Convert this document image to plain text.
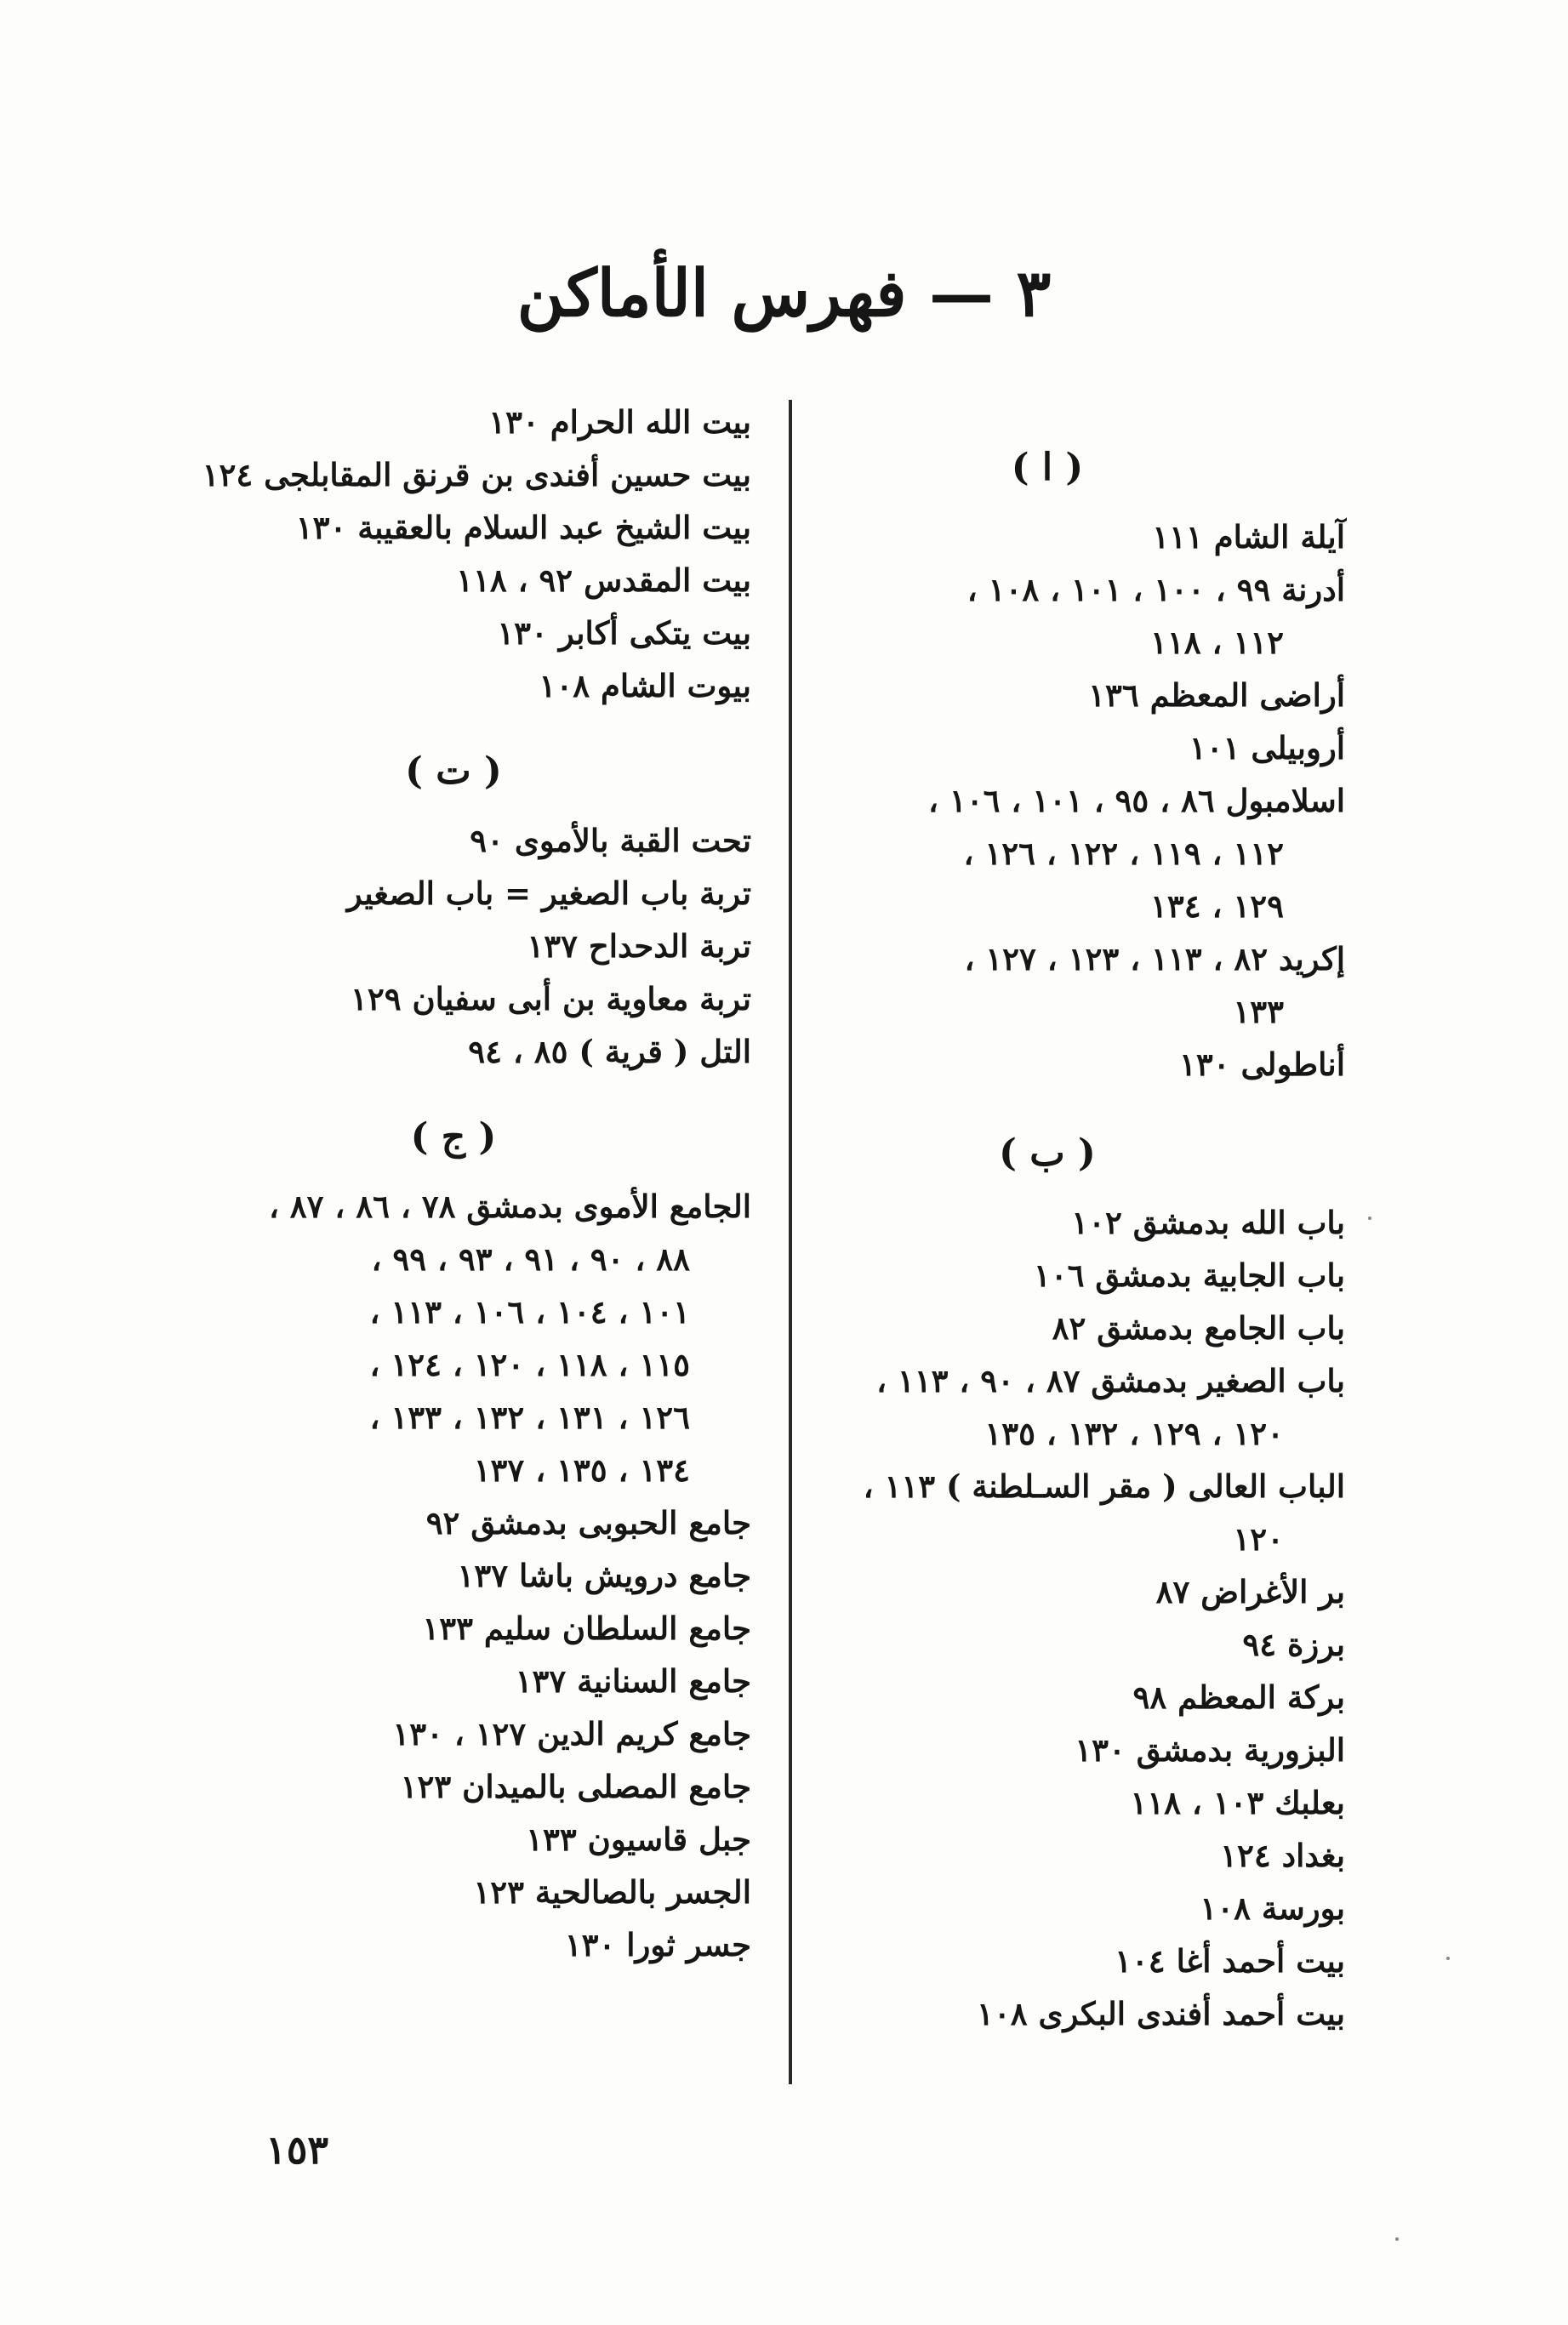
٣ — فهرس الأماكن
( ا )
آيلة الشام ١١١
أدرنة ٩٩ ، ١٠٠ ، ١٠١ ، ١٠٨ ،
١١٢ ، ١١٨
أراضى المعظم ١٣٦
أروبيلى ١٠١
اسلامبول ٨٦ ، ٩٥ ، ١٠١ ، ١٠٦ ،
١١٢ ، ١١٩ ، ١٢٢ ، ١٢٦ ،
١٢٩ ، ١٣٤
إكريد ٨٢ ، ١١٣ ، ١٢٣ ، ١٢٧ ،
١٣٣
أناطولى ١٣٠
( ب )
باب الله بدمشق ١٠٢
باب الجابية بدمشق ١٠٦
باب الجامع بدمشق ٨٢
باب الصغير بدمشق ٨٧ ، ٩٠ ، ١١٣ ،
١٢٠ ، ١٢٩ ، ١٣٢ ، ١٣٥
الباب العالى ( مقر السـلطنة ) ١١٣ ،
١٢٠
بر الأغراض ٨٧
برزة ٩٤
بركة المعظم ٩٨
البزورية بدمشق ١٣٠
بعلبك ١٠٣ ، ١١٨
بغداد ١٢٤
بورسة ١٠٨
بيت أحمد أغا ١٠٤
بيت أحمد أفندى البكرى ١٠٨
بيت الله الحرام ١٣٠
بيت حسين أفندى بن قرنق المقابلجى ١٢٤
بيت الشيخ عبد السلام بالعقيبة ١٣٠
بيت المقدس ٩٢ ، ١١٨
بيت يتكى أكابر ١٣٠
بيوت الشام ١٠٨
( ت )
تحت القبة بالأموى ٩٠
تربة باب الصغير = باب الصغير
تربة الدحداح ١٣٧
تربة معاوية بن أبى سفيان ١٢٩
التل ( قرية ) ٨٥ ، ٩٤
( ج )
الجامع الأموى بدمشق ٧٨ ، ٨٦ ، ٨٧ ،
٨٨ ، ٩٠ ، ٩١ ، ٩٣ ، ٩٩ ،
١٠١ ، ١٠٤ ، ١٠٦ ، ١١٣ ،
١١٥ ، ١١٨ ، ١٢٠ ، ١٢٤ ،
١٢٦ ، ١٣١ ، ١٣٢ ، ١٣٣ ،
١٣٤ ، ١٣٥ ، ١٣٧
جامع الحبوبى بدمشق ٩٢
جامع درويش باشا ١٣٧
جامع السلطان سليم ١٣٣
جامع السنانية ١٣٧
جامع كريم الدين ١٢٧ ، ١٣٠
جامع المصلى بالميدان ١٢٣
جبل قاسيون ١٣٣
الجسر بالصالحية ١٢٣
جسر ثورا ١٣٠
١٥٣
